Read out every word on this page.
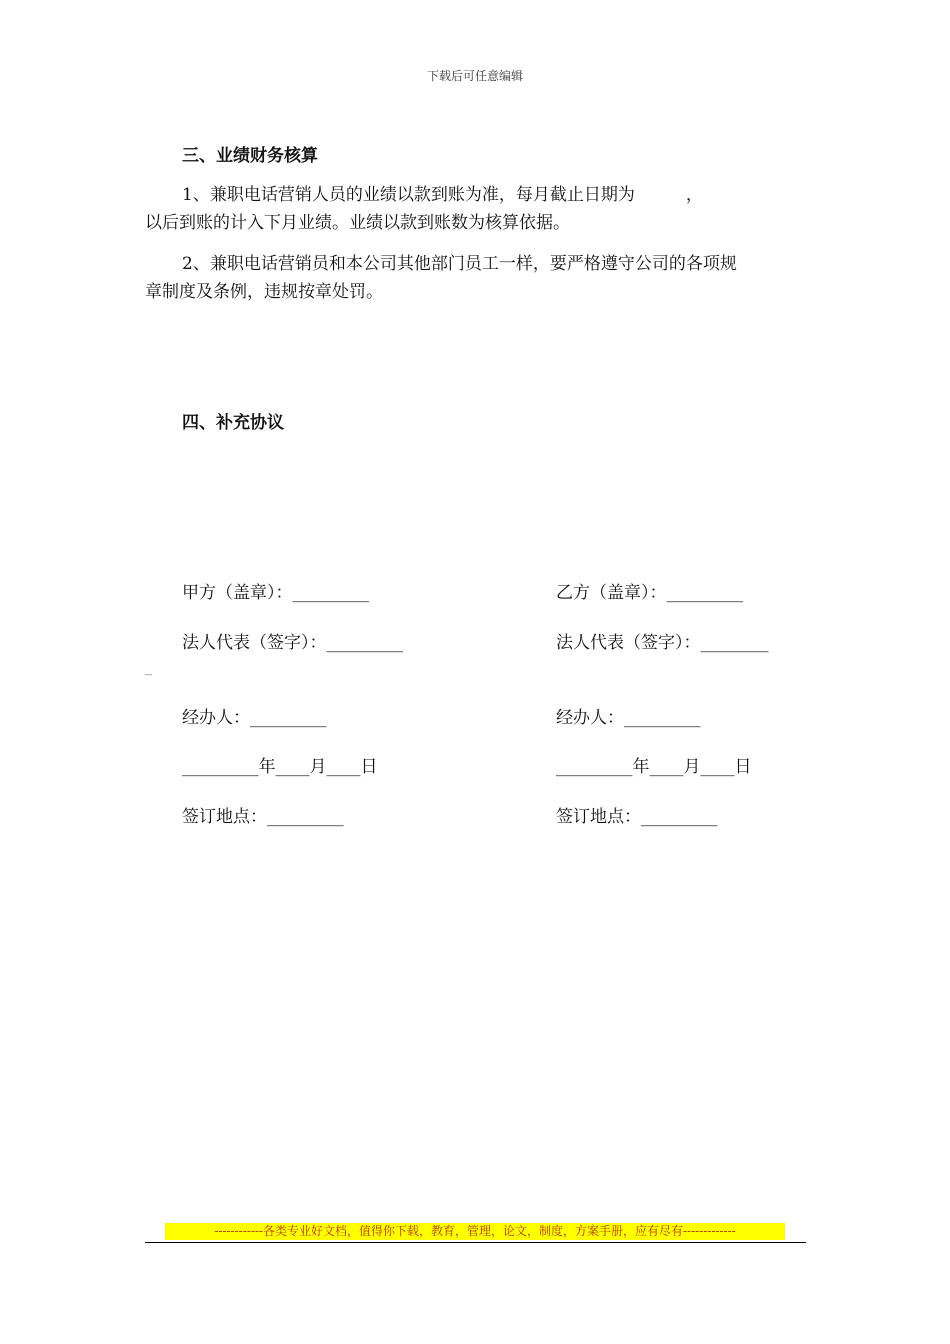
下载后可任意编辑
三、业绩财务核算
1、兼职电话营销人员的业绩以款到账为准，每月截止日期为　　　，
以后到账的计入下月业绩。业绩以款到账数为核算依据。
2、兼职电话营销员和本公司其他部门员工一样，要严格遵守公司的各项规
章制度及条例，违规按章处罚。
四、补充协议
甲方（盖章）：_________
法人代表（签字）：_________
_
经办人：_________
_________年____月____日
签订地点：_________
乙方（盖章）：_________
法人代表（签字）：________
经办人：_________
_________年____月____日
签订地点：_________
------------各类专业好文档，值得你下载，教育，管理，论文，制度，方案手册，应有尽有-------------
